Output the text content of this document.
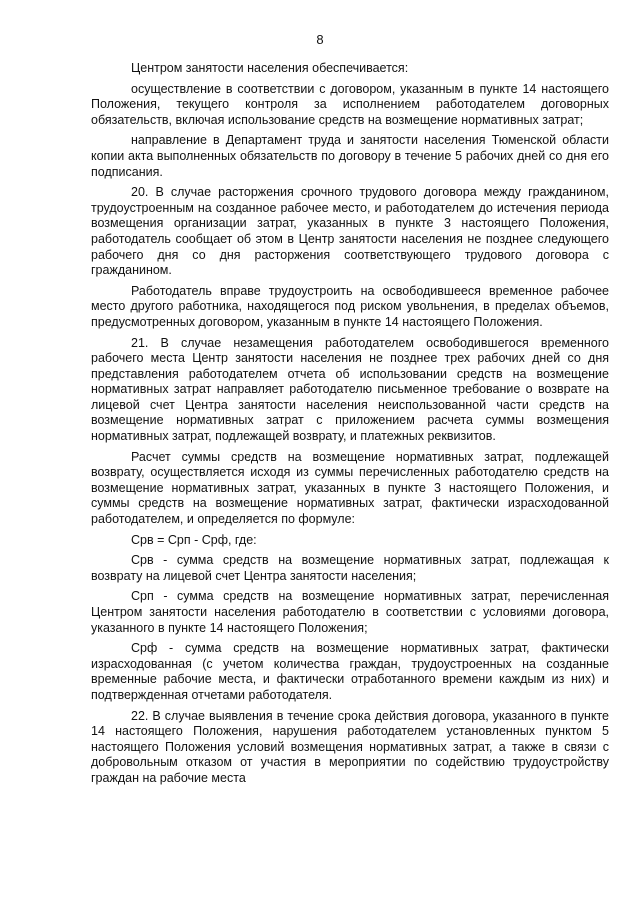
8

Центром занятости населения обеспечивается:

осуществление в соответствии с договором, указанным в пункте 14 настоящего Положения, текущего контроля за исполнением работодателем договорных обязательств, включая использование средств на возмещение нормативных затрат;

направление в Департамент труда и занятости населения Тюменской области копии акта выполненных обязательств по договору в течение 5 рабочих дней со дня его подписания.

20. В случае расторжения срочного трудового договора между гражданином, трудоустроенным на созданное рабочее место, и работодателем до истечения периода возмещения организации затрат, указанных в пункте 3 настоящего Положения, работодатель сообщает об этом в Центр занятости населения не позднее следующего рабочего дня со дня расторжения соответствующего трудового договора с гражданином.

Работодатель вправе трудоустроить на освободившееся временное рабочее место другого работника, находящегося под риском увольнения, в пределах объемов, предусмотренных договором, указанным в пункте 14 настоящего Положения.

21. В случае незамещения работодателем освободившегося временного рабочего места Центр занятости населения не позднее трех рабочих дней со дня представления работодателем отчета об использовании средств на возмещение нормативных затрат направляет работодателю письменное требование о возврате на лицевой счет Центра занятости населения неиспользованной части средств на возмещение нормативных затрат с приложением расчета суммы возмещения нормативных затрат, подлежащей возврату, и платежных реквизитов.

Расчет суммы средств на возмещение нормативных затрат, подлежащей возврату, осуществляется исходя из суммы перечисленных работодателю средств на возмещение нормативных затрат, указанных в пункте 3 настоящего Положения, и суммы средств на возмещение нормативных затрат, фактически израсходованной работодателем, и определяется по формуле:

Срв = Срп - Срф, где:

Срв - сумма средств на возмещение нормативных затрат, подлежащая к возврату на лицевой счет Центра занятости населения;

Срп - сумма средств на возмещение нормативных затрат, перечисленная Центром занятости населения работодателю в соответствии с условиями договора, указанного в пункте 14 настоящего Положения;

Срф - сумма средств на возмещение нормативных затрат, фактически израсходованная (с учетом количества граждан, трудоустроенных на созданные временные рабочие места, и фактически отработанного времени каждым из них) и подтвержденная отчетами работодателя.

22. В случае выявления в течение срока действия договора, указанного в пункте 14 настоящего Положения, нарушения работодателем установленных пунктом 5 настоящего Положения условий возмещения нормативных затрат, а также в связи с добровольным отказом от участия в мероприятии по содействию трудоустройству граждан на рабочие места
